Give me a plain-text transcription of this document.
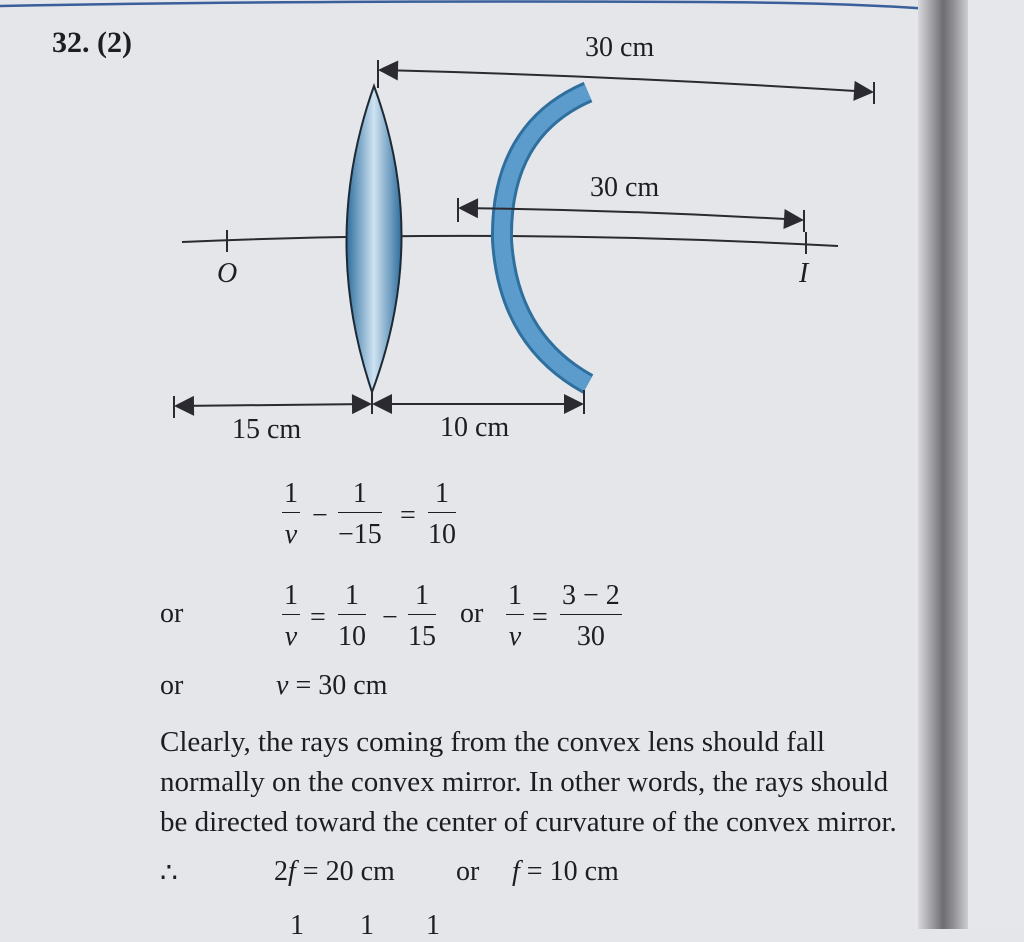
32. (2)	30 cm
30 cm
O	I
15 cm	10 cm
1
v
−
1
−15
=
1
10
or
1
v
=
1
10
−
1
15
or
1
v
=
3 − 2
30
or	v = 30 cm

Clearly, the rays coming from the convex lens should fall

normally on the convex mirror. In other words, the rays should

be directed toward the center of curvature of the convex mirror.

∴	2f = 20 cm or f = 10 cm
1 1 1
